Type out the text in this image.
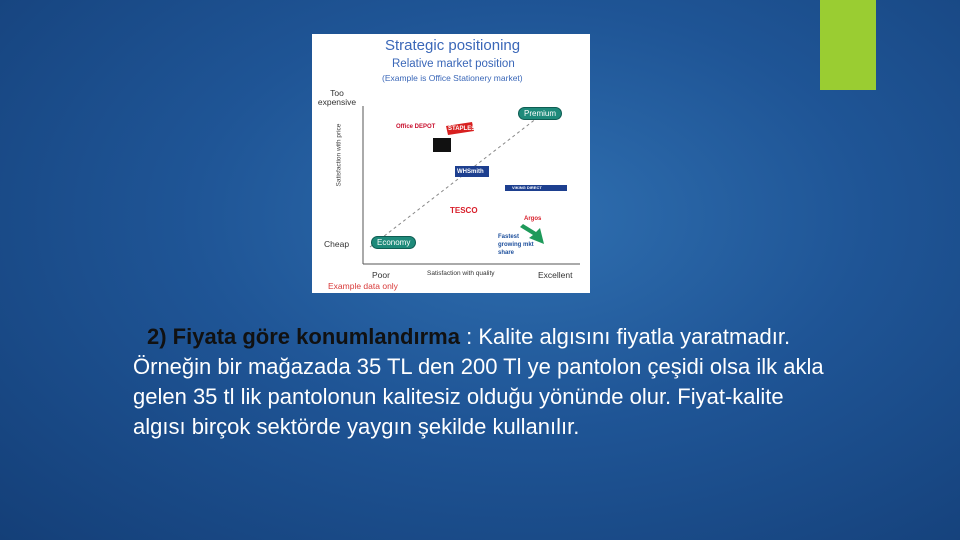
Strategic positioning
Relative market position
(Example is Office Stationery market)
Too expensive
Cheap
Satisfaction with price
Poor	Satisfaction with quality	Excellent
Example data only
Premium
Economy
Office DEPOT STAPLES
WHSmith
TESCO
Argos
VIKING DIRECT
Fastest growing mkt share
2) Fiyata göre konumlandırma : Kalite algısını fiyatla yaratmadır. Örneğin bir mağazada 35 TL den 200 Tl ye pantolon çeşidi olsa ilk akla gelen 35 tl lik pantolonun kalitesiz olduğu yönünde olur. Fiyat-kalite algısı birçok sektörde yaygın şekilde kullanılır.
